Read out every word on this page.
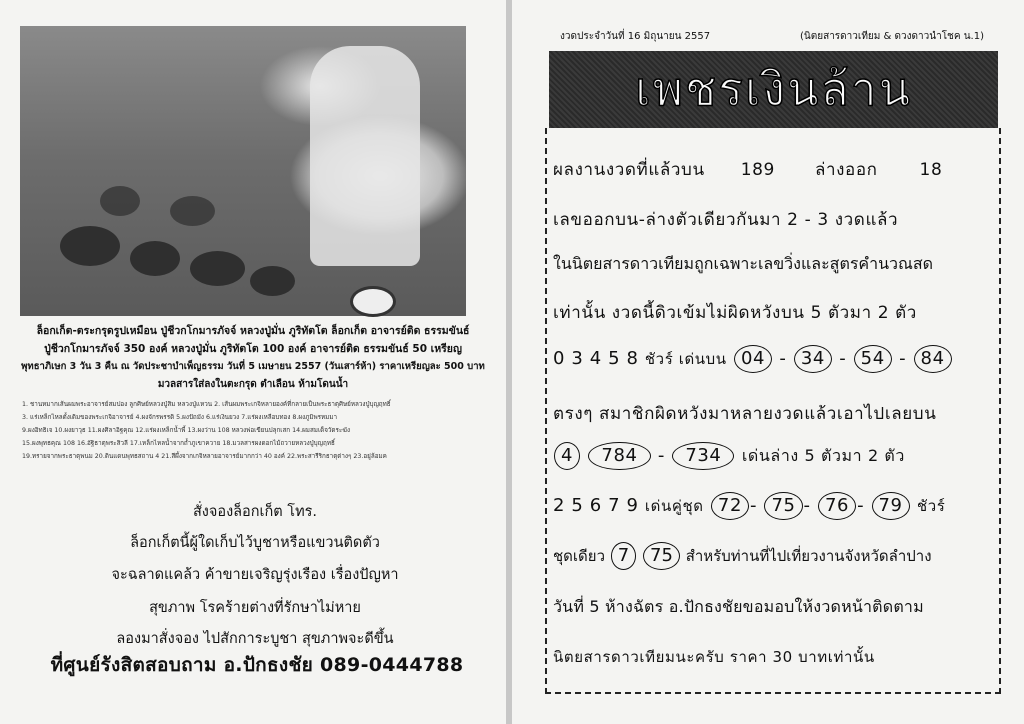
ล็อกเก็ต-ตระกรุดรูปเหมือน ปู่ชีวกโกมารภัจจ์ หลวงปู่มั่น ภูริทัตโต ล็อกเก็ต อาจารย์ติด ธรรมขันธ์
ปู่ชีวกโกมารภัจจ์ 350 องค์ หลวงปู่มั่น ภูริทัตโต 100 องค์ อาจารย์ติด ธรรมขันธ์ 50 เหรียญ
พุทธาภิเษก 3 วัน 3 คืน ณ วัดประชาบำเพ็ญธรรม วันที่ 5 เมษายน 2557 (วันเสาร์ห้า) ราคาเหรียญละ 500 บาท
มวลสารใส่ลงในตะกรุด ตำเลือน ห้ามโดนน้ำ
1. ชานหมากเส้นผมพระอาจารย์สมปอง ลูกศิษย์หลวงปู่สิม หลวงปู่แหวน 2. เส้นผมพระเกจิหลายองค์ที่กลายเป็นพระธาตุศิษย์หลวงปู่บุญฤทธิ์
3. แร่เหล็กไหลดั้งเดิมของพระเกจิอาจารย์ 4.ผงจักรพรรดิ 5.ผงปัถมัง 6.แร่เงินยวง 7.แร่ผงเหลือบทอง 8.ผงภูมิพรหมมา
9.ผงอิทธิเจ 10.ผงยาวุธ 11.ผงศิลาอิฐคุณ 12.แร่ผงเหล็กน้ำพี้ 13.ผงว่าน 108 หลวงพ่อเขียนปลุกเสก 14.ผมสมเด็จวัดระฆัง
15.ผงพุทธคุณ 108 16.อัฐิธาตุพระสิวลี 17.เหล็กไหลน้ำจากถ้ำภูเขาควาย 18.มวลสารผงดอกไม้ถวายหลวงปู่บุญฤทธิ์
19.ทรายจากพระธาตุพนม 20.ดินแดนพุทธสถาน 4 21.สีผึ้งจากเกจิหลายอาจารย์มากกว่า 40 องค์ 22.พระสารีริกธาตุต่างๆ 23.อยู่ล้อมค
สั่งจองล็อกเก็ต โทร.
ล็อกเก็ตนี้ผู้ใดเก็บไว้บูชาหรือแขวนติดตัว
จะฉลาดแคล้ว ค้าขายเจริญรุ่งเรือง เรื่องปัญหา
สุขภาพ โรคร้ายต่างที่รักษาไม่หาย
ลองมาสั่งจอง ไปสักการะบูชา สุขภาพจะดีขึ้น
ที่ศูนย์รังสิตสอบถาม อ.ปักธงชัย 089-0444788
งวดประจำวันที่ 16 มิถุนายน 2557	(นิตยสารดาวเทียม & ดวงดาวนำโชค น.1)
เพชรเงินล้าน
ผลงานงวดที่แล้วบน 189 ล่างออก 18
เลขออกบน-ล่างตัวเดียวกันมา 2 - 3 งวดแล้ว
ในนิตยสารดาวเทียมถูกเฉพาะเลขวิ่งและสูตรคำนวณสด
เท่านั้น งวดนี้ดิวเข้มไม่ผิดหวังบน 5 ตัวมา 2 ตัว
0 3 4 5 8 ชัวร์ เด่นบน 04 - 34 - 54 - 84
ตรงๆ สมาชิกผิดหวังมาหลายงวดแล้วเอาไปเลยบน
4 784 - 734 เด่นล่าง 5 ตัวมา 2 ตัว
2 5 6 7 9 เด่นคู่ชุด 72 - 75 - 76 - 79 ชัวร์
ชุดเดียว 7 75 สำหรับท่านที่ไปเที่ยวงานจังหวัดลำปาง
วันที่ 5 ห้างฉัตร อ.ปักธงชัยขอมอบให้งวดหน้าติดตาม
นิตยสารดาวเทียมนะครับ ราคา 30 บาทเท่านั้น
